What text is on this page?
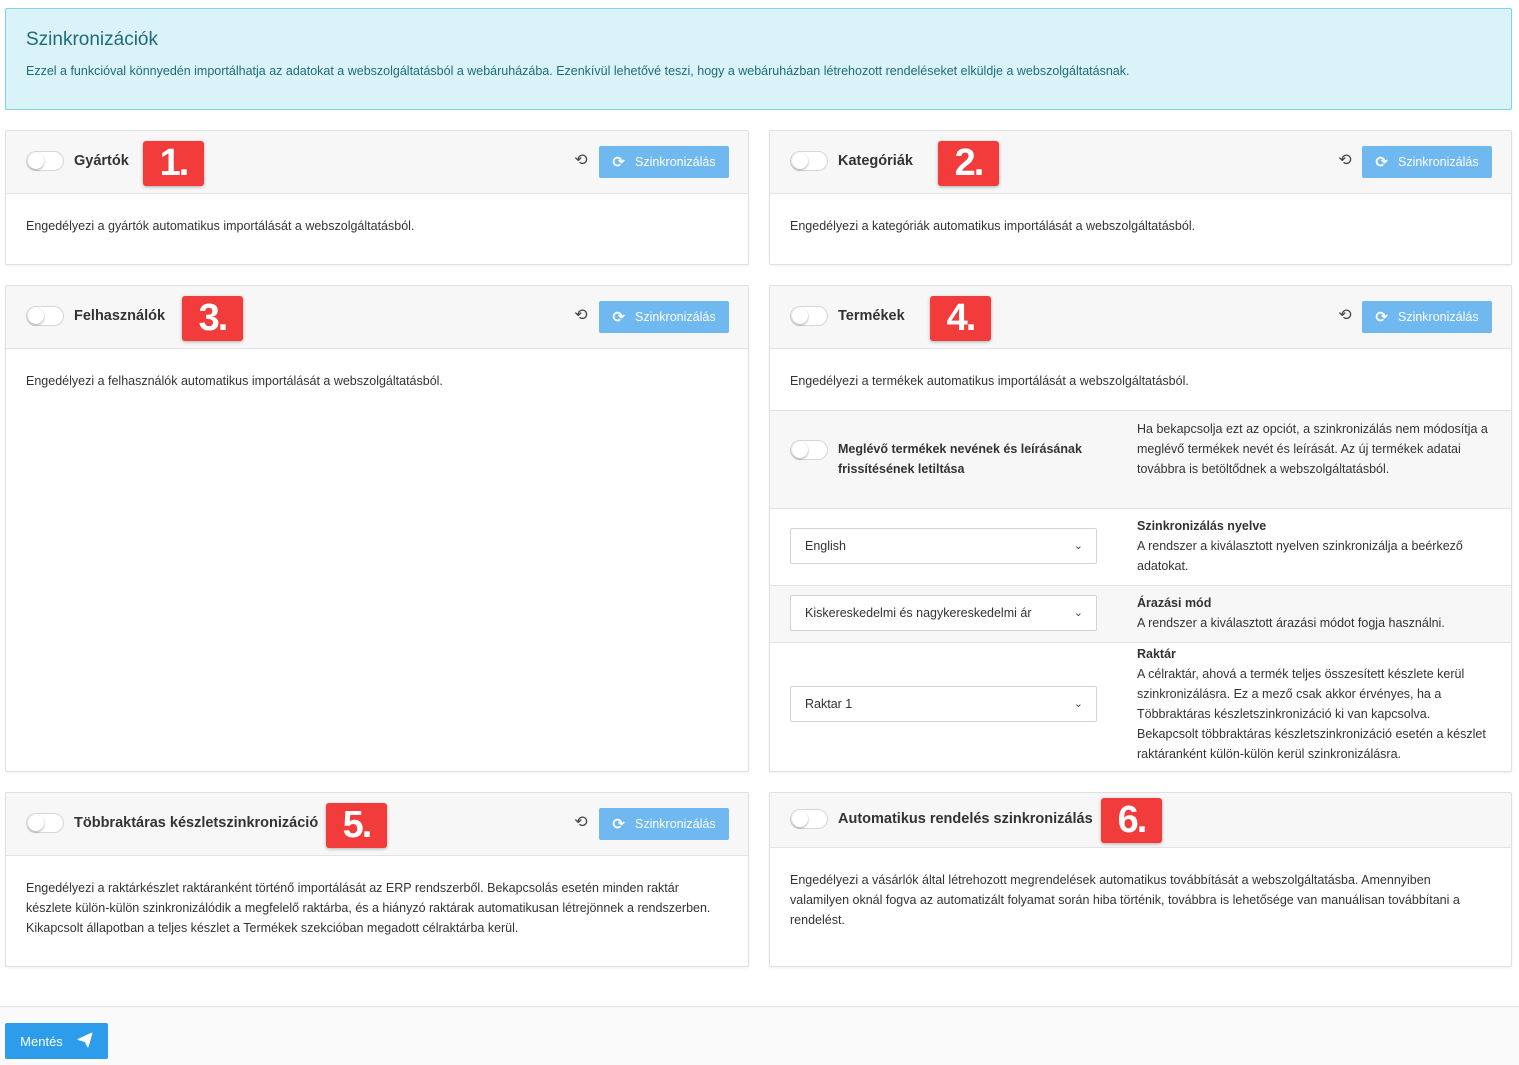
Szinkronizációk

Ezzel a funkcióval könnyedén importálhatja az adatokat a webszolgáltatásból a webáruházába. Ezenkívül lehetővé teszi, hogy a webáruházban létrehozott rendeléseket elküldje a webszolgáltatásnak.

Gyártók 1.	⟲ ⟳ Szinkronizálás
Engedélyezi a gyártók automatikus importálását a webszolgáltatásból.
Kategóriák	2.	⟲ ⟳ Szinkronizálás
Engedélyezi a kategóriák automatikus importálását a webszolgáltatásból.
Felhasználók 3.	⟲ ⟳ Szinkronizálás
Engedélyezi a felhasználók automatikus importálását a webszolgáltatásból.
Termékek	4.	⟲ ⟳ Szinkronizálás
Engedélyezi a termékek automatikus importálását a webszolgáltatásból.
Meglévő termékek nevének és leírásának frissítésének letiltása
Ha bekapcsolja ezt az opciót, a szinkronizálás nem módosítja a meglévő termékek nevét és leírását. Az új termékek adatai továbbra is betöltődnek a webszolgáltatásból.
English	⌄
Szinkronizálás nyelve
A rendszer a kiválasztott nyelven szinkronizálja a beérkező adatokat.
Kiskereskedelmi és nagykereskedelmi ár	⌄
Árazási mód
A rendszer a kiválasztott árazási módot fogja használni.
Raktar 1	⌄
Raktár
A célraktár, ahová a termék teljes összesített készlete kerül szinkronizálásra. Ez a mező csak akkor érvényes, ha a Többraktáras készletszinkronizáció ki van kapcsolva. Bekapcsolt többraktáras készletszinkronizáció esetén a készlet raktáranként külön-külön kerül szinkronizálásra.
Többraktáras készletszinkronizáció 5.	⟲ ⟳ Szinkronizálás
Engedélyezi a raktárkészlet raktáranként történő importálását az ERP rendszerből. Bekapcsolás esetén minden raktár készlete külön-külön szinkronizálódik a megfelelő raktárba, és a hiányzó raktárak automatikusan létrejönnek a rendszerben. Kikapcsolt állapotban a teljes készlet a Termékek szekcióban megadott célraktárba kerül.
Automatikus rendelés szinkronizálás 6.
Engedélyezi a vásárlók által létrehozott megrendelések automatikus továbbítását a webszolgáltatásba. Amennyiben valamilyen oknál fogva az automatizált folyamat során hiba történik, továbbra is lehetősége van manuálisan továbbítani a rendelést.
Mentés
